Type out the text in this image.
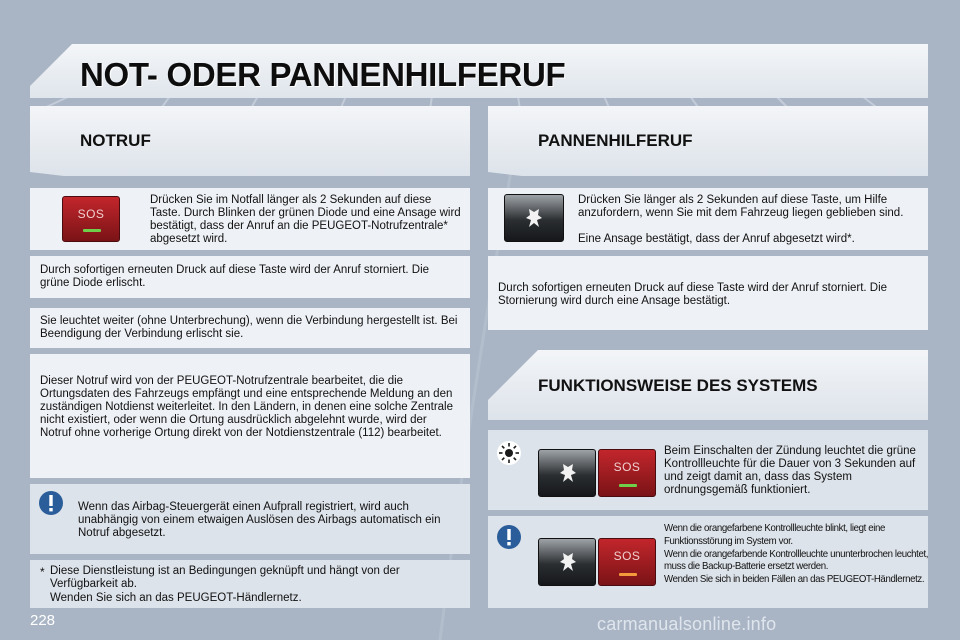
NOT- ODER PANNENHILFERUF
NOTRUF	PANNENHILFERUF
SOS

Drücken Sie im Notfall länger als 2 Sekunden auf diese Taste. Durch Blinken der grünen Diode und eine Ansage wird bestätigt, dass der Anruf an die PEUGEOT-Notrufzentrale* abgesetzt wird.

Durch sofortigen erneuten Druck auf diese Taste wird der Anruf storniert. Die grüne Diode erlischt.

Sie leuchtet weiter (ohne Unterbrechung), wenn die Verbindung hergestellt ist. Bei Beendigung der Verbindung erlischt sie.

Dieser Notruf wird von der PEUGEOT-Notrufzentrale bearbeitet, die die Ortungsdaten des Fahrzeugs empfängt und eine entsprechende Meldung an den zuständigen Notdienst weiterleitet. In den Ländern, in denen eine solche Zentrale nicht existiert, oder wenn die Ortung ausdrücklich abgelehnt wurde, wird der Notruf ohne vorherige Ortung direkt von der Notdienstzentrale (112) bearbeitet.

Wenn das Airbag-Steuergerät einen Aufprall registriert, wird auch unabhängig von einem etwaigen Auslösen des Airbags automatisch ein Notruf abgesetzt.

* Diese Dienstleistung ist an Bedingungen geknüpft und hängt von der Verfügbarkeit ab.

Wenden Sie sich an das PEUGEOT-Händlernetz.

Drücken Sie länger als 2 Sekunden auf diese Taste, um Hilfe anzufordern, wenn Sie mit dem Fahrzeug liegen geblieben sind.

Eine Ansage bestätigt, dass der Anruf abgesetzt wird*.

Durch sofortigen erneuten Druck auf diese Taste wird der Anruf storniert. Die Stornierung wird durch eine Ansage bestätigt.

FUNKTIONSWEISE DES SYSTEMS
SOS

Beim Einschalten der Zündung leuchtet die grüne Kontrollleuchte für die Dauer von 3 Sekunden auf und zeigt damit an, dass das System ordnungsgemäß funktioniert.

SOS

Wenn die orangefarbene Kontrollleuchte blinkt, liegt eine Funktionsstörung im System vor.

Wenn die orangefarbende Kontrollleuchte ununterbrochen leuchtet, muss die Backup-Batterie ersetzt werden.

Wenden Sie sich in beiden Fällen an das PEUGEOT-Händlernetz.

228	carmanualsonline.info
